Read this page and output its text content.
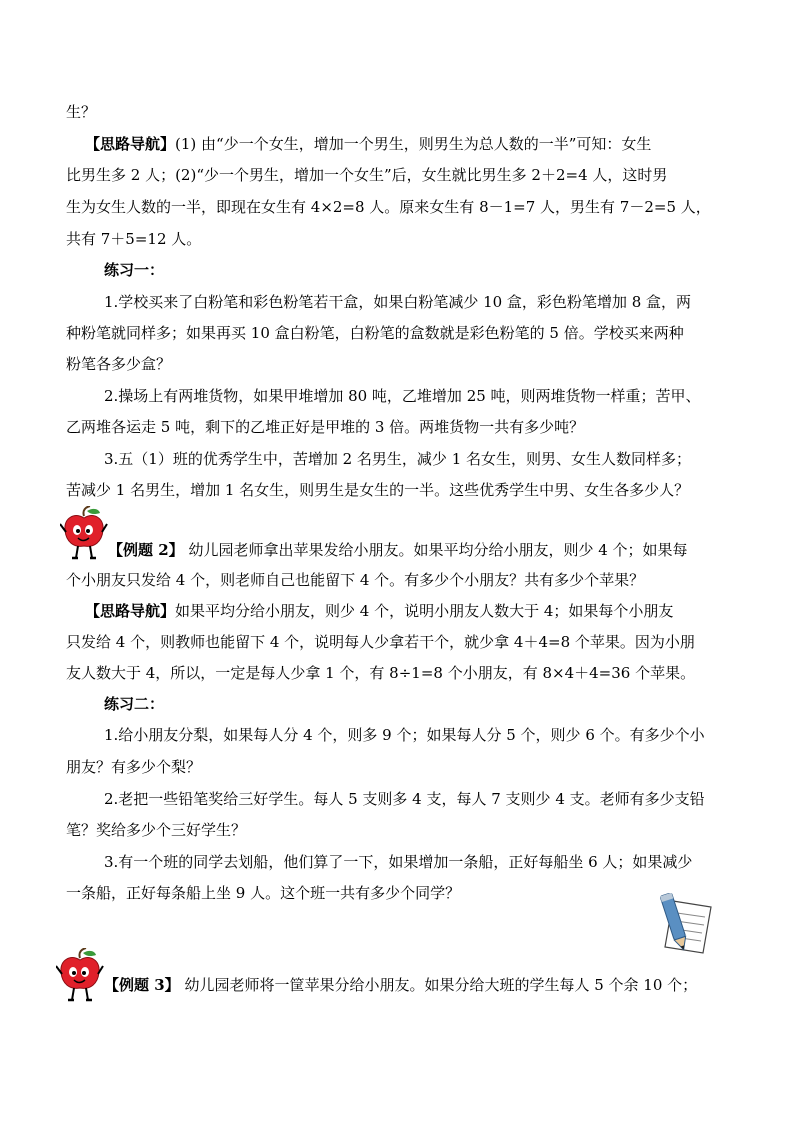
生？
【思路导航】(1) 由“少一个女生，增加一个男生，则男生为总人数的一半”可知：女生
比男生多 2 人；(2)“少一个男生，增加一个女生”后，女生就比男生多 2＋2=4 人，这时男
生为女生人数的一半，即现在女生有 4×2=8 人。原来女生有 8－1=7 人，男生有 7－2=5 人，
共有 7＋5=12 人。
练习一：
1.学校买来了白粉笔和彩色粉笔若干盒，如果白粉笔减少 10 盒，彩色粉笔增加 8 盒，两
种粉笔就同样多；如果再买 10 盒白粉笔，白粉笔的盒数就是彩色粉笔的 5 倍。学校买来两种
粉笔各多少盒？
2.操场上有两堆货物，如果甲堆增加 80 吨，乙堆增加 25 吨，则两堆货物一样重；苦甲、
乙两堆各运走 5 吨，剩下的乙堆正好是甲堆的 3 倍。两堆货物一共有多少吨？
3.五（1）班的优秀学生中，苦增加 2 名男生，减少 1 名女生，则男、女生人数同样多；
苦减少 1 名男生，增加 1 名女生，则男生是女生的一半。这些优秀学生中男、女生各多少人？
【例题 2】 幼儿园老师拿出苹果发给小朋友。如果平均分给小朋友，则少 4 个；如果每
个小朋友只发给 4 个，则老师自己也能留下 4 个。有多少个小朋友？共有多少个苹果？
【思路导航】如果平均分给小朋友，则少 4 个，说明小朋友人数大于 4；如果每个小朋友
只发给 4 个，则教师也能留下 4 个，说明每人少拿若干个，就少拿 4＋4=8 个苹果。因为小朋
友人数大于 4，所以，一定是每人少拿 1 个，有 8÷1=8 个小朋友，有 8×4＋4=36 个苹果。
练习二：
1.给小朋友分梨，如果每人分 4 个，则多 9 个；如果每人分 5 个，则少 6 个。有多少个小
朋友？有多少个梨？
2.老把一些铅笔奖给三好学生。每人 5 支则多 4 支，每人 7 支则少 4 支。老师有多少支铅
笔？奖给多少个三好学生？
3.有一个班的同学去划船，他们算了一下，如果增加一条船，正好每船坐 6 人；如果减少
一条船，正好每条船上坐 9 人。这个班一共有多少个同学？
【例题 3】 幼儿园老师将一筐苹果分给小朋友。如果分给大班的学生每人 5 个余 10 个；
